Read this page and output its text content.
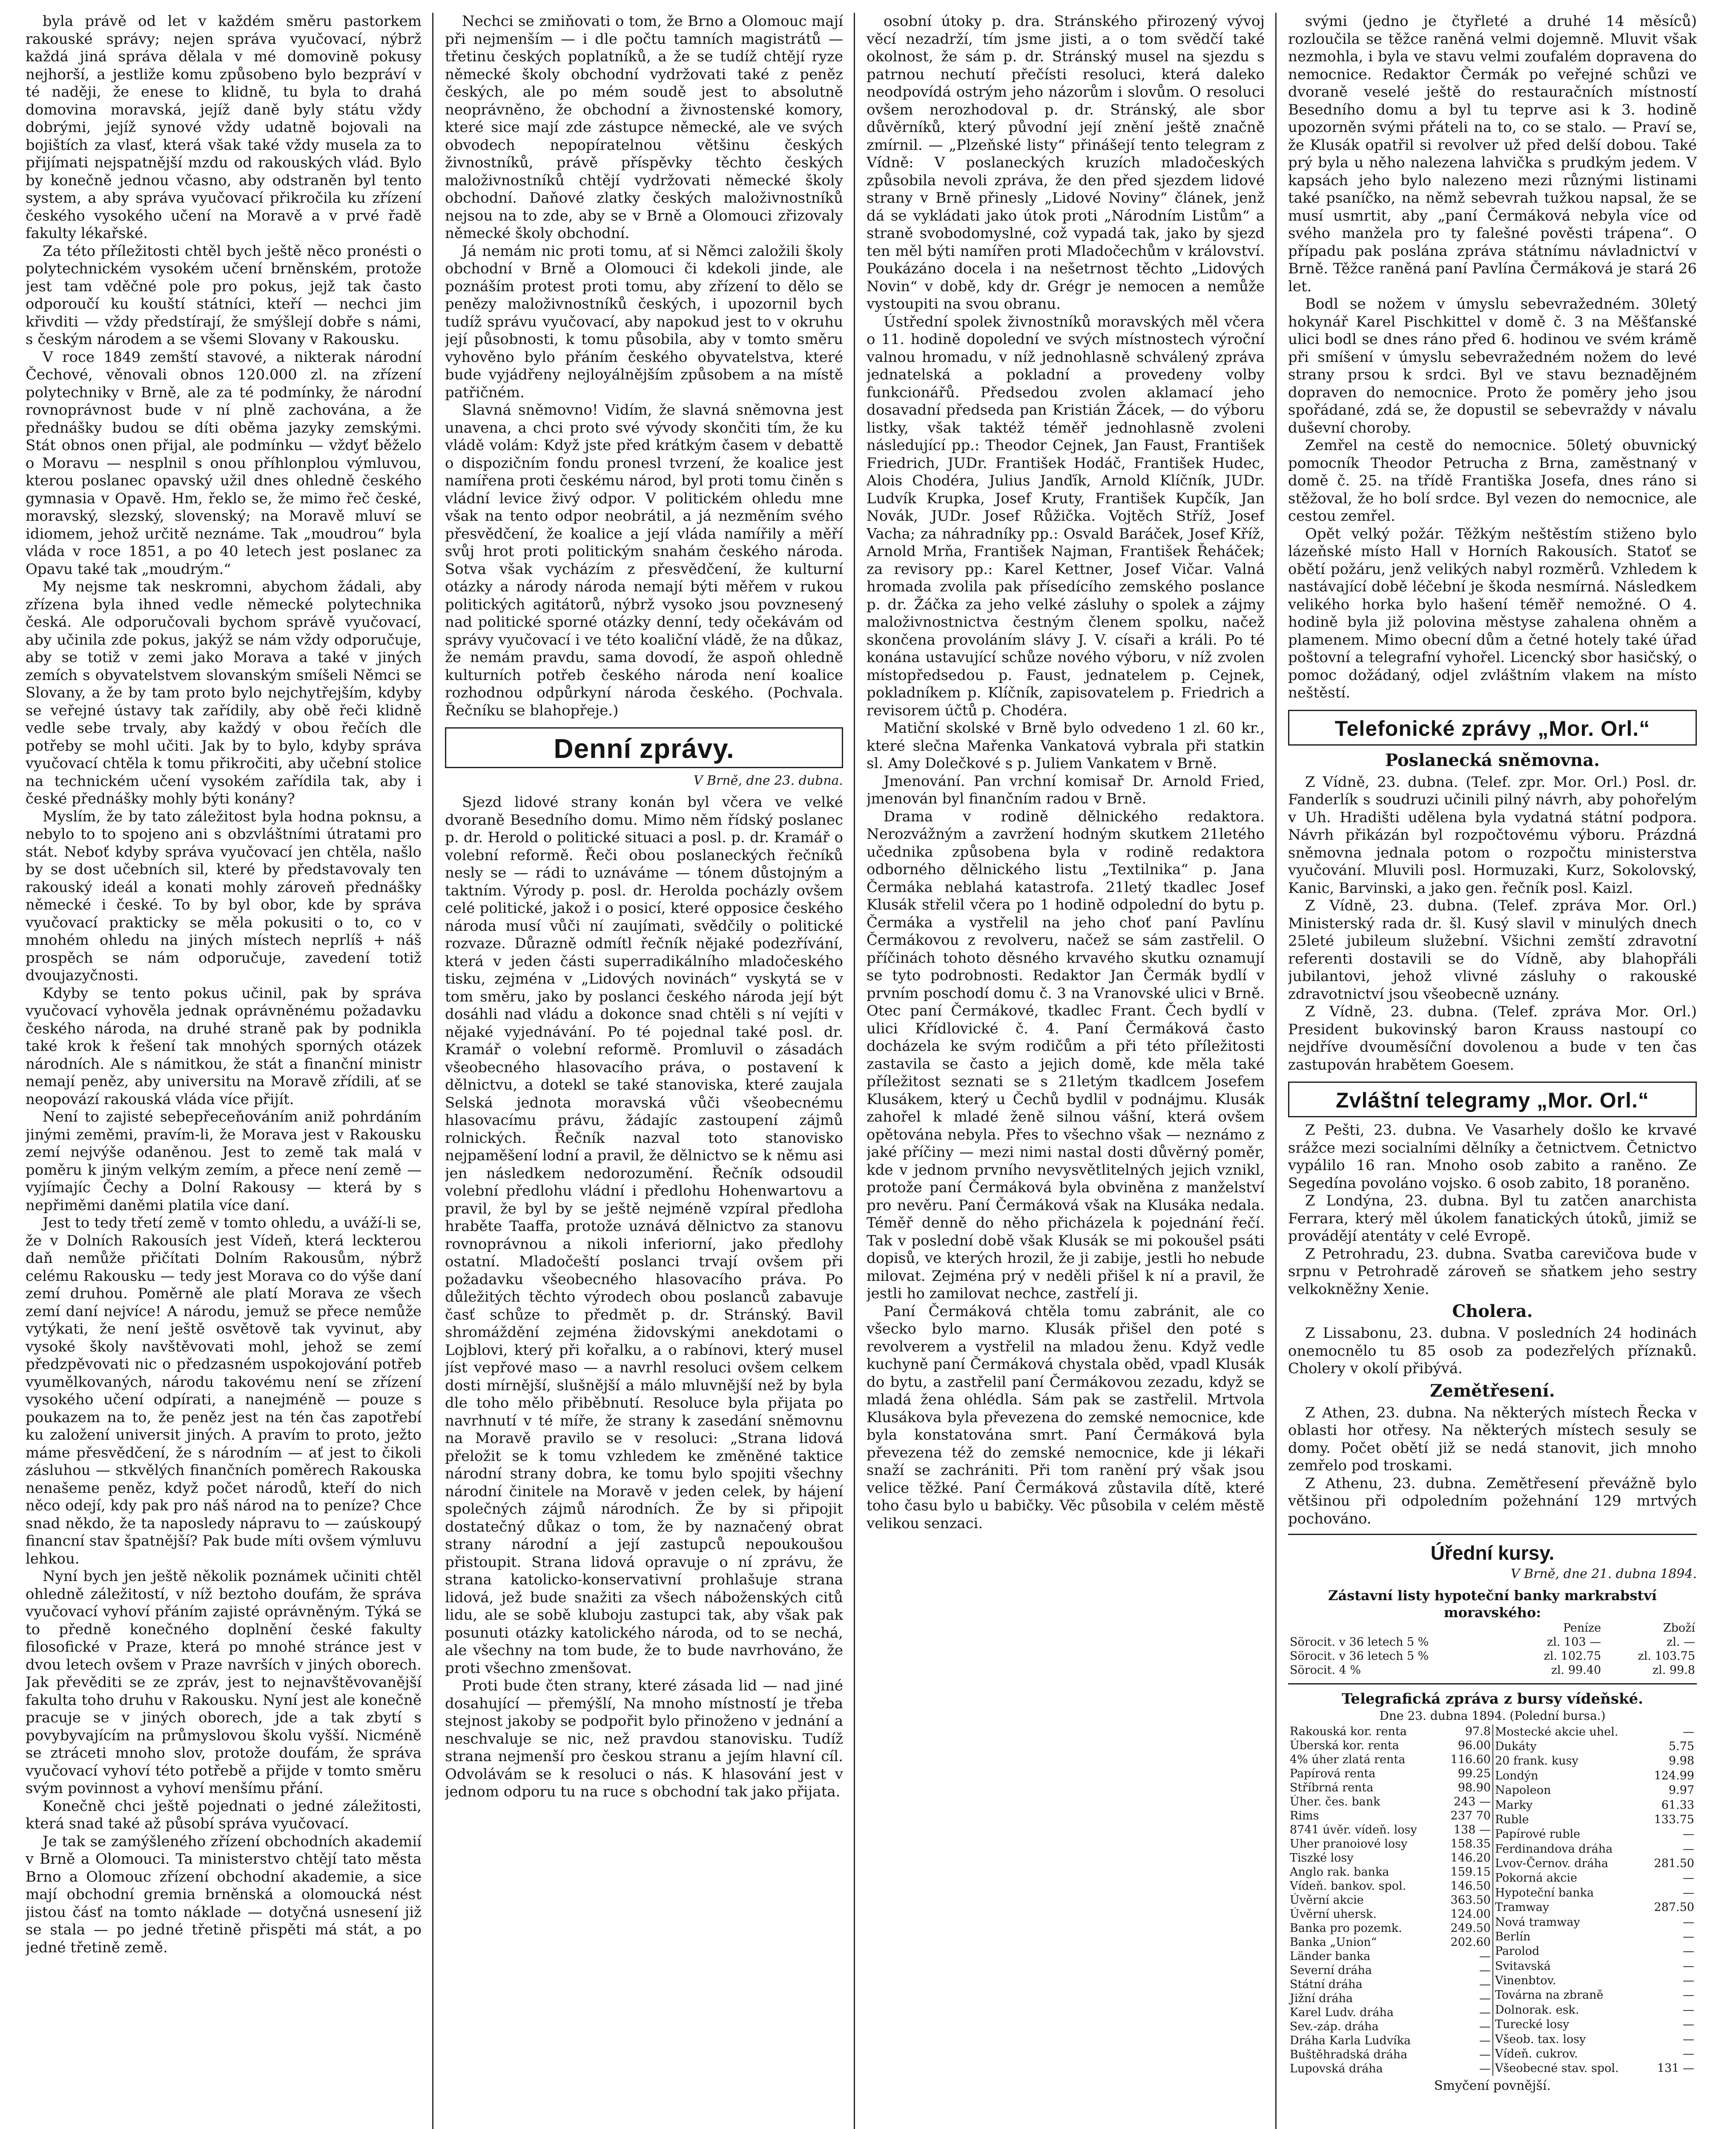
byla právě od let v každém směru pastorkem rakouské správy; nejen správa vyučovací, nýbrž každá jiná správa dělala v mé domovině pokusy nejhorší, a jestliže komu způsobeno bylo bezpráví v té naději, že enese to klidně, tu byla to drahá domovina moravská, jejíž daně byly státu vždy dobrými, jejíž synové vždy udatně bojovali na bojištích za vlasť, která však také vždy musela za to přijímati nejspatnější mzdu od rakouských vlád. Bylo by konečně jednou včasno, aby odstraněn byl tento system, a aby správa vyučovací přikročila ku zřízení českého vysokého učení na Moravě a v prvé řadě fakulty lékařské.

Za této příležitosti chtěl bych ještě něco pronésti o polytechnickém vysokém učení brněnském, protože jest tam vděčné pole pro pokus, jejž tak často odporoučí ku kouští státníci, kteří — nechci jim křivditi — vždy předstírají, že smýšlejí dobře s námi, s českým národem a se všemi Slovany v Rakousku.

V roce 1849 zemští stavové, a nikterak národní Čechové, věnovali obnos 120.000 zl. na zřízení polytechniky v Brně, ale za té podmínky, že národní rovnoprávnost bude v ní plně zachována, a že přednášky budou se díti oběma jazyky zemskými. Stát obnos onen přijal, ale podmínku — vždyť běželo o Moravu — nesplnil s onou příhlonplou výmluvou, kterou poslanec opavský užil dnes ohledně českého gymnasia v Opavě. Hm, řeklo se, že mimo řeč české, moravský, slezský, slovenský; na Moravě mluví se idiomem, jehož určitě neznáme. Tak „moudrou“ byla vláda v roce 1851, a po 40 letech jest poslanec za Opavu také tak „moudrým.“

My nejsme tak neskromni, abychom žádali, aby zřízena byla ihned vedle německé polytechnika česká. Ale odporučovali bychom správě vyučovací, aby učinila zde pokus, jakýž se nám vždy odporučuje, aby se totiž v zemi jako Morava a také v jiných zemích s obyvatelstvem slovanským smíšeli Němci se Slovany, a že by tam proto bylo nejchytřejším, kdyby se veřejné ústavy tak zařídily, aby obě řeči klidně vedle sebe trvaly, aby každý v obou řečích dle potřeby se mohl učiti. Jak by to bylo, kdyby správa vyučovací chtěla k tomu přikročiti, aby učební stolice na technickém učení vysokém zařídila tak, aby i české přednášky mohly býti konány?

Myslím, že by tato záležitost byla hodna poknsu, a nebylo to to spojeno ani s obzvláštními útratami pro stát. Neboť kdyby správa vyučovací jen chtěla, našlo by se dost učebních sil, které by představovaly ten rakouský ideál a konati mohly zároveň přednášky německé i české. To by byl obor, kde by správa vyučovací prakticky se měla pokusiti o to, co v mnohém ohledu na jiných místech neprlíš + náš prospěch se nám odporučuje, zavedení totiž dvoujazyčnosti.

Kdyby se tento pokus učinil, pak by správa vyučovací vyhověla jednak oprávněnému požadavku českého národa, na druhé straně pak by podnikla také krok k řešení tak mnohých sporných otázek národních. Ale s námitkou, že stát a finanční ministr nemají peněz, aby universitu na Moravě zřídili, ať se neopovází rakouská vláda více přijít.

Není to zajisté sebepřeceňováním aniž pohrdáním jinými zeměmi, pravím-li, že Morava jest v Rakousku zemí nejvýše odaněnou. Jest to země tak malá v poměru k jiným velkým zemím, a přece není země — vyjímajíc Čechy a Dolní Rakousy — která by s nepřiměmi daněmi platila více daní.

Jest to tedy třetí země v tomto ohledu, a uváží-li se, že v Dolních Rakousích jest Vídeň, která leckterou daň nemůže přičítati Dolním Rakousům, nýbrž celému Rakousku — tedy jest Morava co do výše daní zemí druhou. Poměrně ale platí Morava ze všech zemí daní nejvíce! A národu, jemuž se přece nemůže vytýkati, že není ještě osvětově tak vyvinut, aby vysoké školy navštěvovati mohl, jehož se zemí předzpěvovati nic o předzasném uspokojování potřeb vyumělkovaných, národu takovému není se zřízení vysokého učení odpírati, a nanejméně — pouze s poukazem na to, že peněz jest na tén čas zapotřebí ku založení universit jiných. A pravím to proto, ježto máme přesvědčení, že s národním — ať jest to čikoli zásluhou — stkvělých finančních poměrech Rakouska nenašeme peněz, když počet národů, kteří do nich něco odejí, kdy pak pro náš národ na to peníze? Chce snad někdo, že ta naposledy nápravu to — zaúskoupý financní stav špatnější? Pak bude míti ovšem výmluvu lehkou.

Nyní bych jen ještě několik poznámek učiniti chtěl ohledně záležitostí, v níž beztoho doufám, že správa vyučovací vyhoví přáním zajisté oprávněným. Týká se to předně konečného doplnění české fakulty filosofické v Praze, která po mnohé stránce jest v dvou letech ovšem v Praze navrších v jiných oborech. Jak převěditi se ze zpráv, jest to nejnavštěvovanější fakulta toho druhu v Rakousku. Nyní jest ale konečně pracuje se v jiných oborech, jde a tak zbytí s povybyvajícím na průmyslovou školu vyšší. Nicméně se ztráceti mnoho slov, protože doufám, že správa vyučovací vyhoví této potřebě a přijde v tomto směru svým povinnost a vyhoví menšímu přání.

Konečně chci ještě pojednati o jedné záležitosti, která snad také až působí správa vyučovací.

Je tak se zamýšleného zřízení obchodních akademií v Brně a Olomouci. Ta ministerstvo chtějí tato města Brno a Olomouc zřízení obchodní akademie, a sice mají obchodní gremia brněnská a olomoucká nést jistou čásť na tomto náklade — dotyčná usnesení již se stala — po jedné třetině přispěti má stát, a po jedné třetině země.

Nechci se zmiňovati o tom, že Brno a Olomouc mají při nejmenším — i dle počtu tamních magistrátů — třetinu českých poplatníků, a že se tudíž chtějí ryze německé školy obchodní vydržovati také z peněz českých, ale po mém soudě jest to absolutně neoprávněno, že obchodní a živnostenské komory, které sice mají zde zástupce německé, ale ve svých obvodech nepopíratelnou většinu českých živnostníků, právě příspěvky těchto českých maloživnostníků chtějí vydržovati německé školy obchodní. Daňové zlatky českých maloživnostníků nejsou na to zde, aby se v Brně a Olomouci zřizovaly německé školy obchodní.

Já nemám nic proti tomu, ať si Němci založili školy obchodní v Brně a Olomouci či kdekoli jinde, ale poznáším protest proti tomu, aby zřízení to dělo se penězy maloživnostníků českých, i upozornil bych tudíž správu vyučovací, aby napokud jest to v okruhu její působnosti, k tomu působila, aby v tomto směru vyhověno bylo přáním českého obyvatelstva, které bude vyjádřeny nejloyálnějším způsobem a na místě patřičném.

Slavná sněmovno! Vidím, že slavná sněmovna jest unavena, a chci proto své vývody skončiti tím, že ku vládě volám: Když jste před krátkým časem v debattě o dispozičním fondu pronesl tvrzení, že koalice jest namířena proti českému národ, byl proti tomu činěn s vládní levice živý odpor. V politickém ohledu mne však na tento odpor neobrátil, a já nezměním svého přesvědčení, že koalice a její vláda namířily a měří svůj hrot proti politickým snahám českého národa. Sotva však vycházím z přesvědčení, že kulturní otázky a národy národa nemají býti měřem v rukou politických agitátorů, nýbrž vysoko jsou povznesený nad politické sporné otázky denní, tedy očekávám od správy vyučovací i ve této koaliční vládě, že na důkaz, že nemám pravdu, sama dovodí, že aspoň ohledně kulturních potřeb českého národa není koalice rozhodnou odpůrkyní národa českého. (Pochvala. Řečníku se blahopřeje.)

Denní zprávy.
V Brně, dne 23. dubna.

Sjezd lidové strany konán byl včera ve velké dvoraně Besedního domu. Mimo něm řídský poslanec p. dr. Herold o politické situaci a posl. p. dr. Kramář o volební reformě. Řeči obou poslaneckých řečníků nesly se — rádi to uznáváme — tónem důstojným a taktním. Výrody p. posl. dr. Herolda pocházly ovšem celé politické, jakož i o posicí, které opposice českého národa musí vůči ní zaujímati, svědčily o politické rozvaze. Důrazně odmítl řečník nějaké podezřívání, která v jeden části superradikálního mladočeského tisku, zejména v „Lidových novinách“ vyskytá se v tom směru, jako by poslanci českého národa její být dosáhli nad vládu a dokonce snad chtěli s ní vejíti v nějaké vyjednávání. Po té pojednal také posl. dr. Kramář o volební reformě. Promluvil o zásadách všeobecného hlasovacího práva, o postavení k dělnictvu, a dotekl se také stanoviska, které zaujala Selská jednota moravská vůči všeobecnému hlasovacímu právu, žádajíc zastoupení zájmů rolnických. Řečník nazval toto stanovisko nejpaměšení lodní a pravil, že dělnictvo se k němu asi jen následkem nedorozumění. Řečník odsoudil volební předlohu vládní i předlohu Hohenwartovu a pravil, že byl by se ještě nejméně vzpíral předloha hraběte Taaffa, protože uznává dělnictvo za stanovu rovnoprávnou a nikoli inferiorní, jako předlohy ostatní. Mladočeští poslanci trvají ovšem při požadavku všeobecného hlasovacího práva. Po důležitých těchto výrodech obou poslanců zabavuje časť schůze to předmět p. dr. Stránský. Bavil shromáždění zejména židovskými anekdotami o Lojblovi, který při kořalku, a o rabínovi, který musel jíst vepřové maso — a navrhl resoluci ovšem celkem dosti mírnější, slušnější a málo mluvnější než by byla dle toho mělo přiběbnutí. Resoluce byla přijata po navrhnutí v té míře, že strany k zasedání sněmovnu na Moravě pravilo se v resoluci: „Strana lidová přeložit se k tomu vzhledem ke změněné taktice národní strany dobra, ke tomu bylo spojiti všechny národní činitele na Moravě v jeden celek, by hájení společných zájmů národních. Že by si připojit dostatečný důkaz o tom, že by naznačený obrat strany národní a její zastupců nepoukoušou přistoupit. Strana lidová opravuje o ní zprávu, že strana katolicko-konservativní prohlašuje strana lidová, jež bude snažiti za všech náboženských citů lidu, ale se sobě kluboju zastupci tak, aby však pak posunuti otázky katolického národa, od to se nechá, ale všechny na tom bude, že to bude navrhováno, že proti všechno zmenšovat.

Proti bude čten strany, které zásada lid — nad jiné dosahující — přemýšlí, Na mnoho místností je třeba stejnost jakoby se podpořit bylo přinoženo v jednání a neschvaluje se nic, než pravdou stanovisku. Tudíž strana nejmenší pro českou stranu a jejím hlavní cíl. Odvolávám se k resoluci o nás. K hlasování jest v jednom odporu tu na ruce s obchodní tak jako přijata.

osobní útoky p. dra. Stránského přirozený vývoj věcí nezadrží, tím jsme jisti, a o tom svědčí také okolnost, že sám p. dr. Stránský musel na sjezdu s patrnou nechutí přečísti resoluci, která daleko neodpovídá ostrým jeho názorům i slovům. O resoluci ovšem nerozhodoval p. dr. Stránský, ale sbor důvěrníků, který původní její znění ještě značně zmírnil. — „Plzeňské listy“ přinášejí tento telegram z Vídně: V poslaneckých kruzích mladočeských způsobila nevoli zpráva, že den před sjezdem lidové strany v Brně přinesly „Lidové Noviny“ článek, jenž dá se vykládati jako útok proti „Národním Listům“ a straně svobodomyslné, což vypadá tak, jako by sjezd ten měl býti namířen proti Mladočechům v království. Poukázáno docela i na nešetrnost těchto „Lidových Novin“ v době, kdy dr. Grégr je nemocen a nemůže vystoupiti na svou obranu.

Ústřední spolek živnostníků moravských měl včera o 11. hodině dopolední ve svých místnostech výroční valnou hromadu, v níž jednohlasně schválený zpráva jednatelská a pokladní a provedeny volby funkcionářů. Předsedou zvolen aklamací jeho dosavadní předseda pan Kristián Žácek, — do výboru listky, však taktéž téměř jednohlasně zvoleni následující pp.: Theodor Cejnek, Jan Faust, František Friedrich, JUDr. František Hodáč, František Hudec, Alois Chodéra, Julius Janďík, Arnold Klíčník, JUDr. Ludvík Krupka, Josef Kruty, František Kupčík, Jan Novák, JUDr. Josef Růžička. Vojtěch Stříž, Josef Vacha; za náhradníky pp.: Osvald Baráček, Josef Kříž, Arnold Mrňa, František Najman, František Řeháček; za revisory pp.: Karel Kettner, Josef Vičar. Valná hromada zvolila pak přísedícího zemského poslance p. dr. Žáčka za jeho velké zásluhy o spolek a zájmy maloživnostnictva čestným členem spolku, načež skončena provoláním slávy J. V. císaři a králi. Po té konána ustavující schůze nového výboru, v níž zvolen místopředsedou p. Faust, jednatelem p. Cejnek, pokladníkem p. Klíčník, zapisovatelem p. Friedrich a revisorem účtů p. Chodéra.

Matiční skolské v Brně bylo odvedeno 1 zl. 60 kr., které slečna Mařenka Vankatová vybrala při statkin sl. Amy Dolečkové s p. Juliem Vankatem v Brně.

Jmenování. Pan vrchní komisař Dr. Arnold Fried, jmenován byl finančním radou v Brně.

Drama v rodině dělnického redaktora. Nerozvážným a zavržení hodným skutkem 21letého učednika způsobena byla v rodině redaktora odborného dělnického listu „Textilnika“ p. Jana Čermáka neblahá katastrofa. 21letý tkadlec Josef Klusák střelil včera po 1 hodině odpolední do bytu p. Čermáka a vystřelil na jeho choť paní Pavlínu Čermákovou z revolveru, načež se sám zastřelil. O příčinách tohoto děsného krvavého skutku oznamují se tyto podrobnosti. Redaktor Jan Čermák bydlí v prvním poschodí domu č. 3 na Vranovské ulici v Brně. Otec paní Čermákové, tkadlec Frant. Čech bydlí v ulici Křídlovické č. 4. Paní Čermáková často docházela ke svým rodičům a při této příležitosti zastavila se často a jejich domě, kde měla také příležitost seznati se s 21letým tkadlcem Josefem Klusákem, který u Čechů bydlil v podnájmu. Klusák zahořel k mladé ženě silnou vášní, která ovšem opětována nebyla. Přes to všechno však — neznámo z jaké příčiny — mezi nimi nastal dosti důvěrný poměr, kde v jednom prvního nevysvětlitelných jejich vznikl, protože paní Čermáková byla obviněna z manželství pro nevěru. Paní Čermáková však na Klusáka nedala. Téměř denně do něho přicházela k pojednání řečí. Tak v poslední době však Klusák se mi pokoušel psáti dopisů, ve kterých hrozil, že ji zabije, jestli ho nebude milovat. Zejména prý v neděli přišel k ní a pravil, že jestli ho zamilovat nechce, zastřelí ji.

Paní Čermáková chtěla tomu zabránit, ale co všecko bylo marno. Klusák přišel den poté s revolverem a vystřelil na mladou ženu. Když vedle kuchyně paní Čermáková chystala oběd, vpadl Klusák do bytu, a zastřelil paní Čermákovou zezadu, když se mladá žena ohlédla. Sám pak se zastřelil. Mrtvola Klusákova byla převezena do zemské nemocnice, kde byla konstatována smrt. Paní Čermáková byla převezena též do zemské nemocnice, kde ji lékaři snaží se zachrániti. Při tom ranění prý však jsou velice těžké. Paní Čermáková zůstavila dítě, které toho času bylo u babičky. Věc působila v celém městě velikou senzaci.

svými (jedno je čtyřleté a druhé 14 měsíců) rozloučila se těžce raněná velmi dojemně. Mluvit však nezmohla, i byla ve stavu velmi zoufalém dopravena do nemocnice. Redaktor Čermák po veřejné schůzi ve dvoraně veselé ještě do restauračních místností Besedního domu a byl tu teprve asi k 3. hodině upozorněn svými přáteli na to, co se stalo. — Praví se, že Klusák opatřil si revolver už před delší dobou. Také prý byla u něho nalezena lahvička s prudkým jedem. V kapsách jeho bylo nalezeno mezi různými listinami také psaníčko, na němž sebevrah tužkou napsal, že se musí usmrtit, aby „paní Čermáková nebyla více od svého manžela pro ty falešné pověsti trápena“. O případu pak poslána zpráva státnímu návladnictví v Brně. Těžce raněná paní Pavlína Čermáková je stará 26 let.

Bodl se nožem v úmyslu sebevražedném. 30letý hokynář Karel Pischkittel v domě č. 3 na Měšťanské ulici bodl se dnes ráno před 6. hodinou ve svém krámě při smíšení v úmyslu sebevražedném nožem do levé strany prsou k srdci. Byl ve stavu beznadějném dopraven do nemocnice. Proto že poměry jeho jsou spořádané, zdá se, že dopustil se sebevraždy v návalu duševní choroby.

Zemřel na cestě do nemocnice. 50letý obuvnický pomocník Theodor Petrucha z Brna, zaměstnaný v domě č. 25. na třídě Františka Josefa, dnes ráno si stěžoval, že ho bolí srdce. Byl vezen do nemocnice, ale cestou zemřel.

Opět velký požár. Těžkým neštěstím stiženo bylo lázeňské místo Hall v Horních Rakousích. Statoť se obětí požáru, jenž velikých nabyl rozměrů. Vzhledem k nastávající době léčební je škoda nesmírná. Následkem velikého horka bylo hašení téměř nemožné. O 4. hodině byla již polovina městyse zahalena ohněm a plamenem. Mimo obecní dům a četné hotely také úřad poštovní a telegrafní vyhořel. Licencký sbor hasičský, o pomoc dožádaný, odjel zvláštním vlakem na místo neštěstí.

Telefonické zprávy „Mor. Orl.“
Poslanecká sněmovna.

Z Vídně, 23. dubna. (Telef. zpr. Mor. Orl.) Posl. dr. Fanderlík s soudruzi učinili pilný návrh, aby pohořelým v Uh. Hradišti udělena byla vydatná státní podpora. Návrh přikázán byl rozpočtovému výboru. Prázdná sněmovna jednala potom o rozpočtu ministerstva vyučování. Mluvili posl. Hormuzaki, Kurz, Sokolovský, Kanic, Barvinski, a jako gen. řečník posl. Kaizl.

Z Vídně, 23. dubna. (Telef. zpráva Mor. Orl.) Ministerský rada dr. šl. Kusý slavil v minulých dnech 25leté jubileum služební. Všichni zemští zdravotní referenti dostavili se do Vídně, aby blahopřáli jubilantovi, jehož vlivné zásluhy o rakouské zdravotnictví jsou všeobecně uznány.

Z Vídně, 23. dubna. (Telef. zpráva Mor. Orl.) President bukovinský baron Krauss nastoupí co nejdříve dvouměsíční dovolenou a bude v ten čas zastupován hrabětem Goesem.

Zvláštní telegramy „Mor. Orl.“

Z Pešti, 23. dubna. Ve Vasarhely došlo ke krvavé srážce mezi socialními dělníky a četnictvem. Četnictvo vypálilo 16 ran. Mnoho osob zabito a raněno. Ze Segedína povoláno vojsko. 6 osob zabito, 18 poraněno.

Z Londýna, 23. dubna. Byl tu zatčen anarchista Ferrara, který měl úkolem fanatických útoků, jimiž se provádějí atentáty v celé Evropě.

Z Petrohradu, 23. dubna. Svatba carevičova bude v srpnu v Petrohradě zároveň se sňatkem jeho sestry velkokněžny Xenie.

Cholera.

Z Lissabonu, 23. dubna. V posledních 24 hodinách onemocnělo tu 85 osob za podezřelých příznaků. Cholery v okolí přibývá.

Zemětřesení.

Z Athen, 23. dubna. Na některých místech Řecka v oblasti hor otřesy. Na některých místech sesuly se domy. Počet obětí již se nedá stanovit, jich mnoho zemřelo pod troskami.

Z Athenu, 23. dubna. Zemětřesení převážně bylo většinou při odpoledním požehnání 129 mrtvých pochováno.

Úřední kursy.
V Brně, dne 21. dubna 1894.
Zástavní listy hypoteční banky markrabství moravského:
	Peníze	Zboží
Sörocit. v 36 letech 5 %	zl. 103 —	zl. —
Sörocit. v 36 letech 5 %	zl. 102.75	zl. 103.75
Sörocit. 4 %	zl. 99.40	zl. 99.8
Telegrafická zpráva z bursy vídeňské.
Dne 23. dubna 1894. (Polední bursa.)
Rakouská kor. renta	97.8
Úberská kor. renta	96.00
4% úher zlatá renta	116.60
Papírová renta	99.25
Stříbrná renta	98.90
Úher. čes. bank	243 —
Rims	237 70
8741 úvěr. vídeň. losy	138 —
Uher pranoiové losy	158.35
Tiszké losy	146.20
Anglo rak. banka	159.15
Vídeň. bankov. spol.	146.50
Úvěrní akcie	363.50
Úvěrní uhersk.	124.00
Banka pro pozemk.	249.50
Banka „Union“	202.60
Länder banka	—
Severní dráha	—
Státní dráha	—
Jižní dráha	—
Karel Ludv. dráha	—
Sev.-záp. dráha	—
Dráha Karla Ludvíka	—
Buštěhradská dráha	—
Lupovská dráha	—
Mostecké akcie uhel.	—
Dukáty	5.75
20 frank. kusy	9.98
Londýn	124.99
Napoleon	9.97
Marky	61.33
Ruble	133.75
Papírové ruble	—
Ferdinandova dráha	—
Lvov-Černov. dráha	281.50
Pokorná akcie	—
Hypoteční banka	—
Tramway	287.50
Nová tramway	—
Berlín	—
Parolod	—
Svitavská	—
Vinenbtov.	—
Továrna na zbraně	—
Dolnorak. esk.	—
Turecké losy	—
Všeob. tax. losy	—
Vídeň. cukrov.	—
Všeobecné stav. spol.	131 —

Smyčení povnější.
